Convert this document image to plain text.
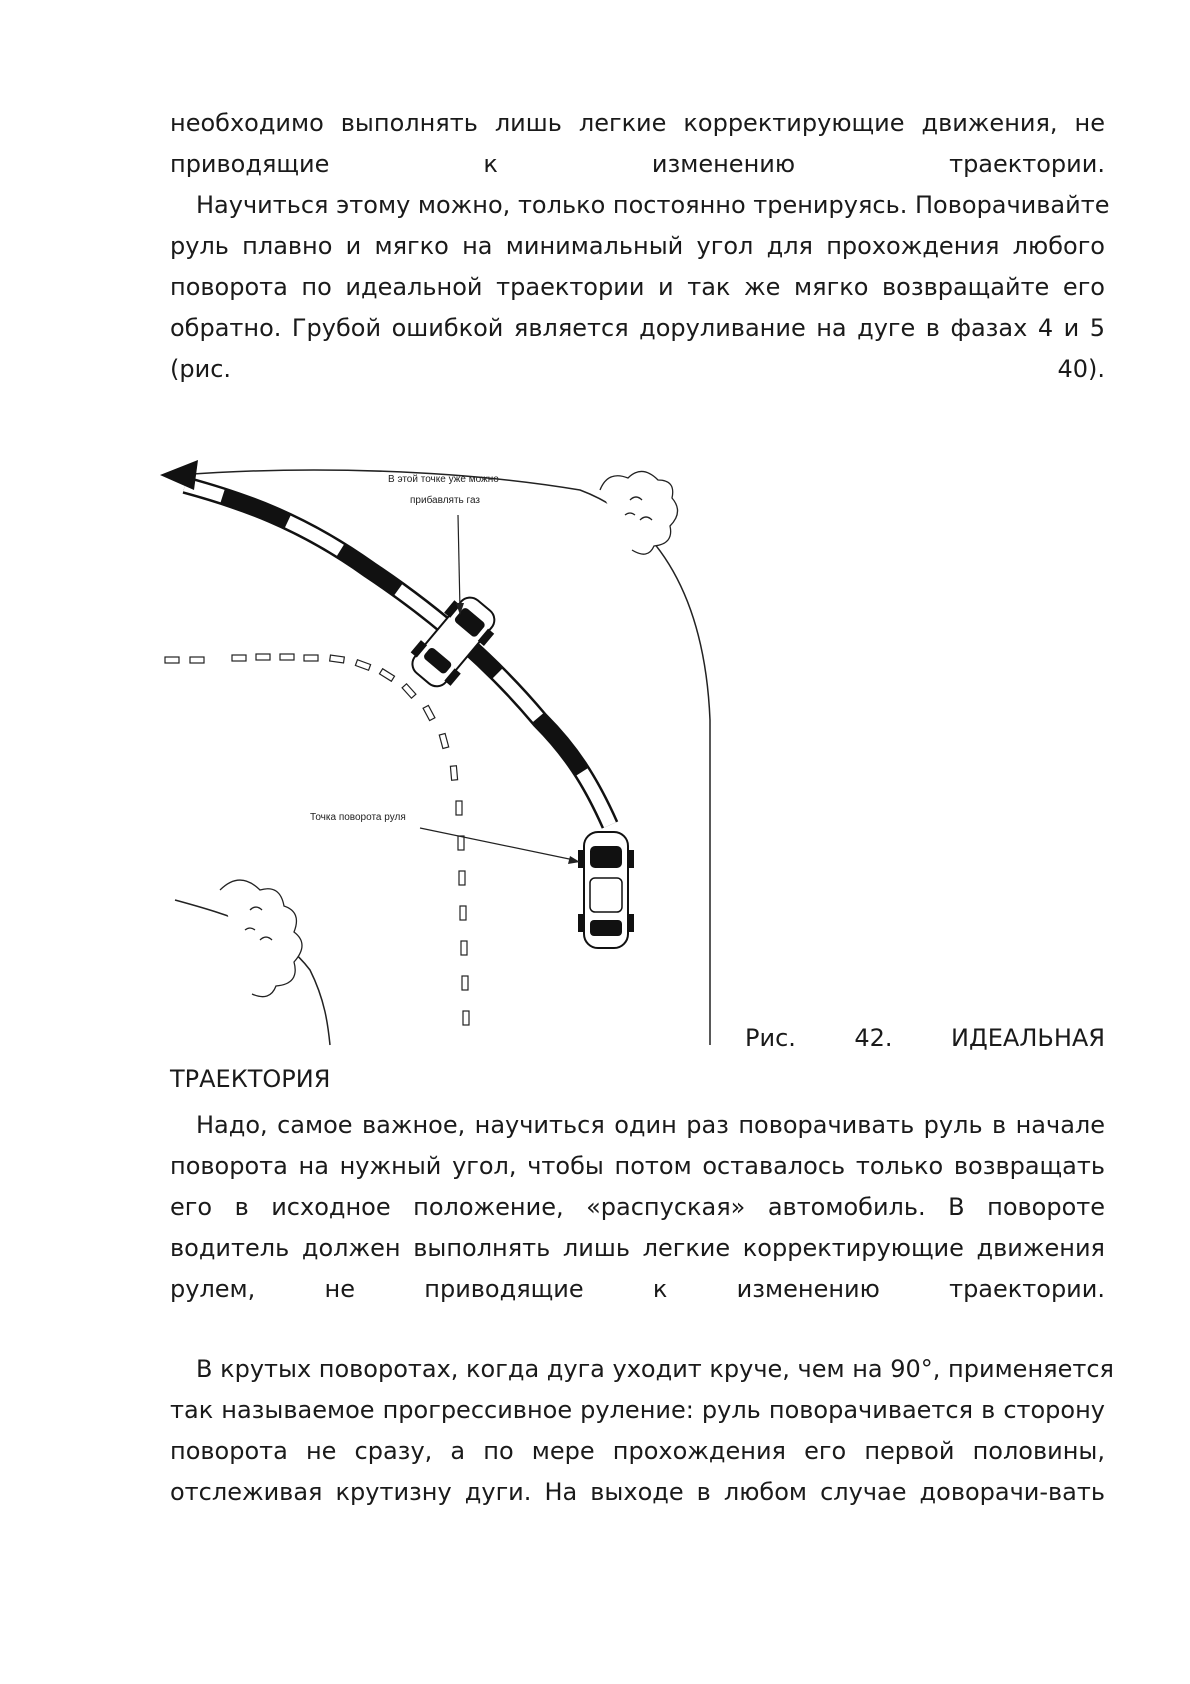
необходимо выполнять лишь легкие корректирующие движения, не
приводящие к изменению траектории.
Научиться этому можно, только постоянно тренируясь. Поворачивайте
руль плавно и мягко на минимальный угол для прохождения любого
поворота по идеальной траектории и так же мягко возвращайте его
обратно. Грубой ошибкой является доруливание на дуге в фазах 4 и 5
(рис. 40).
В этой точке уже можно
прибавлять газ
Точка поворота руля
Рис. 42. ИДЕАЛЬНАЯ
ТРАЕКТОРИЯ
Надо, самое важное, научиться один раз поворачивать руль в начале
поворота на нужный угол, чтобы потом оставалось только возвращать
его в исходное положение, «распуская» автомобиль. В повороте
водитель должен выполнять лишь легкие корректирующие движения
рулем, не приводящие к изменению траектории.
В крутых поворотах, когда дуга уходит круче, чем на 90°, применяется
так называемое прогрессивное руление: руль поворачивается в сторону
поворота не сразу, а по мере прохождения его первой половины,
отслеживая крутизну дуги. На выходе в любом случае доворачи-вать
